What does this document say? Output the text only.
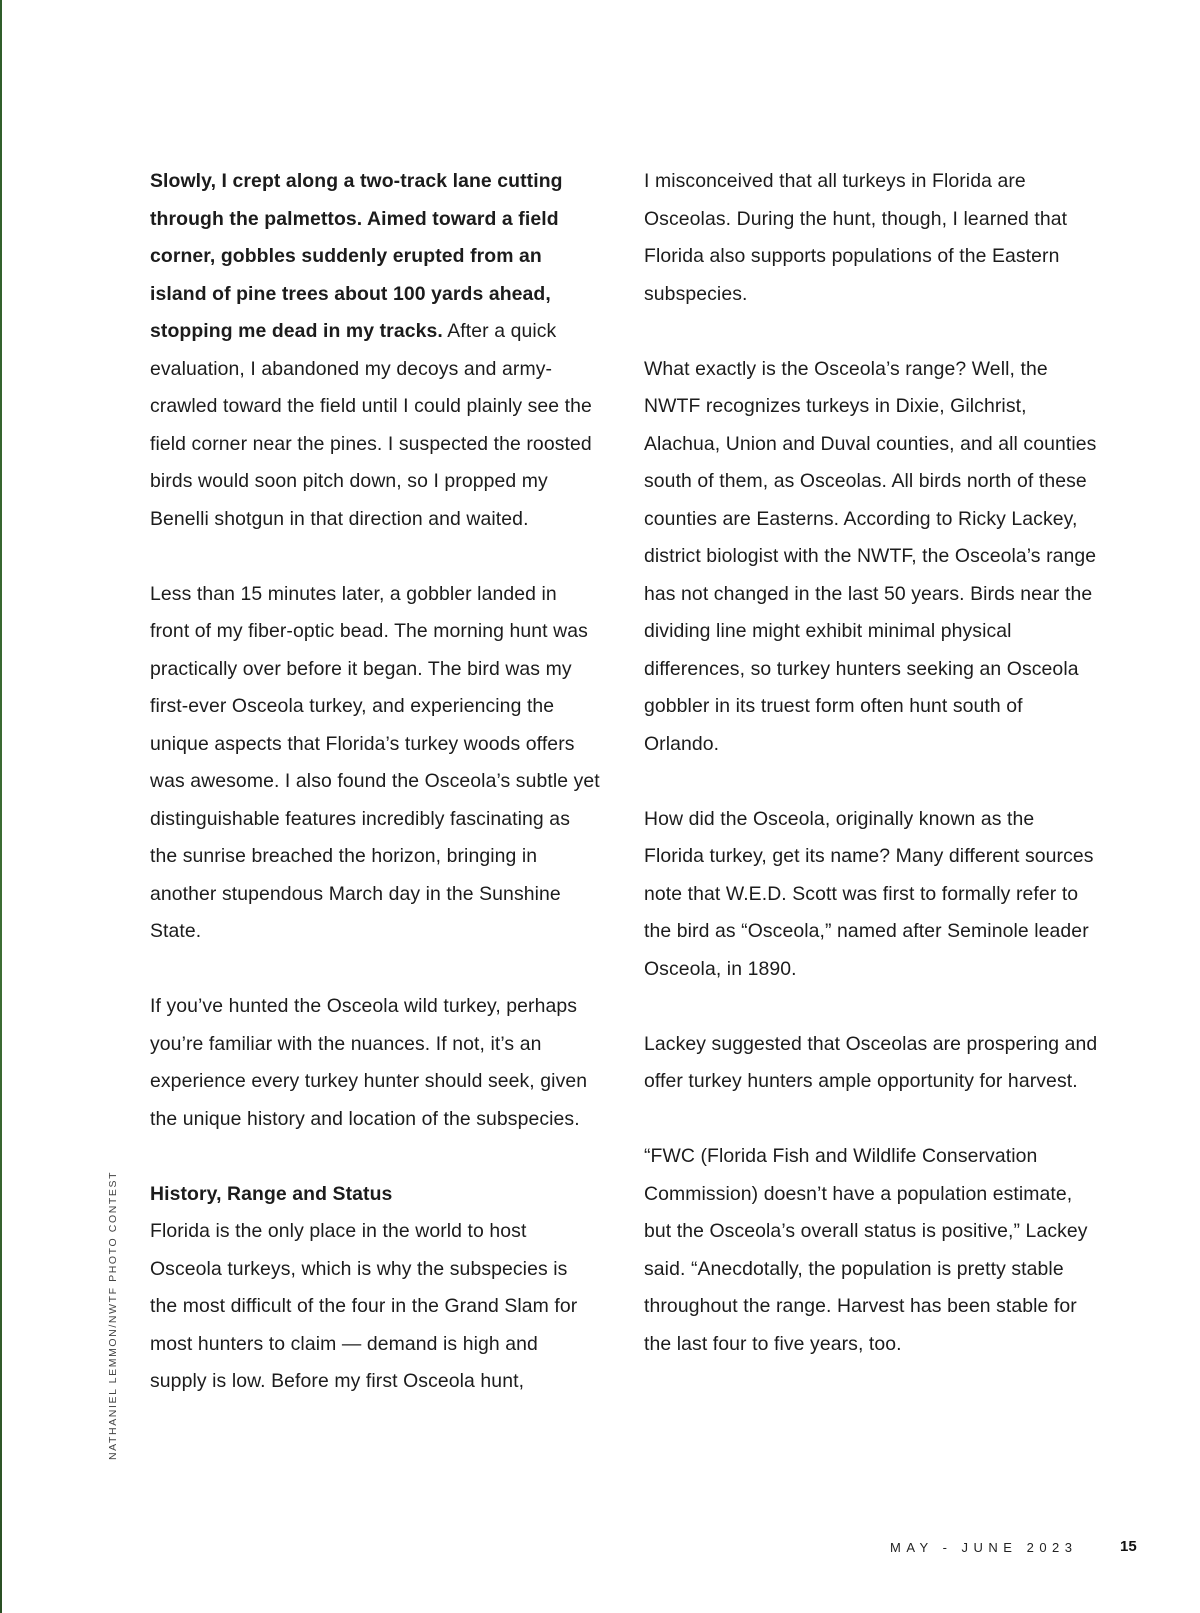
Slowly, I crept along a two-track lane cutting through the palmettos. Aimed toward a field corner, gobbles suddenly erupted from an island of pine trees about 100 yards ahead, stopping me dead in my tracks. After a quick evaluation, I abandoned my decoys and army-crawled toward the field until I could plainly see the field corner near the pines. I suspected the roosted birds would soon pitch down, so I propped my Benelli shotgun in that direction and waited.

Less than 15 minutes later, a gobbler landed in front of my fiber-optic bead. The morning hunt was practically over before it began. The bird was my first-ever Osceola turkey, and experiencing the unique aspects that Florida’s turkey woods offers was awesome. I also found the Osceola’s subtle yet distinguishable features incredibly fascinating as the sunrise breached the horizon, bringing in another stupendous March day in the Sunshine State.

If you’ve hunted the Osceola wild turkey, perhaps you’re familiar with the nuances. If not, it’s an experience every turkey hunter should seek, given the unique history and location of the subspecies.

History, Range and Status

Florida is the only place in the world to host Osceola turkeys, which is why the subspecies is the most difficult of the four in the Grand Slam for most hunters to claim — demand is high and supply is low. Before my first Osceola hunt,

I misconceived that all turkeys in Florida are Osceolas. During the hunt, though, I learned that Florida also supports populations of the Eastern subspecies.

What exactly is the Osceola’s range? Well, the NWTF recognizes turkeys in Dixie, Gilchrist, Alachua, Union and Duval counties, and all counties south of them, as Osceolas. All birds north of these counties are Easterns. According to Ricky Lackey, district biologist with the NWTF, the Osceola’s range has not changed in the last 50 years. Birds near the dividing line might exhibit minimal physical differences, so turkey hunters seeking an Osceola gobbler in its truest form often hunt south of Orlando.

How did the Osceola, originally known as the Florida turkey, get its name? Many different sources note that W.E.D. Scott was first to formally refer to the bird as “Osceola,” named after Seminole leader Osceola, in 1890.

Lackey suggested that Osceolas are prospering and offer turkey hunters ample opportunity for harvest.

“FWC (Florida Fish and Wildlife Conservation Commission) doesn’t have a population estimate, but the Osceola’s overall status is positive,” Lackey said. “Anecdotally, the population is pretty stable throughout the range. Harvest has been stable for the last four to five years, too.

NATHANIEL LEMMON/NWTF PHOTO CONTEST
MAY - JUNE 2023	15
